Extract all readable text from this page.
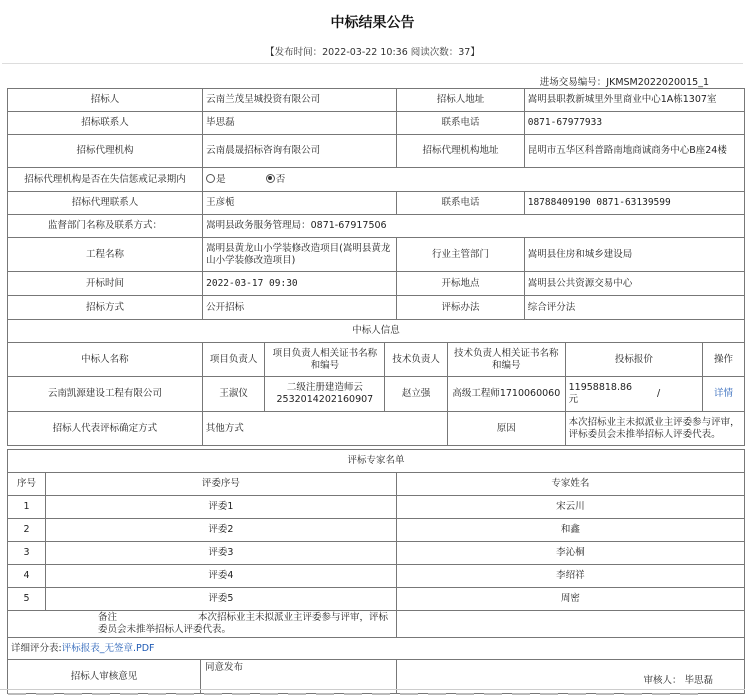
中标结果公告
【发布时间：2022-03-22 10:36 阅读次数：37】
进场交易编号：JKMSM2022020015_1
招标人	云南兰茂呈城投资有限公司	招标人地址	嵩明县职教新城里外里商业中心1A栋1307室
招标联系人	毕思磊	联系电话	0871-67977933
招标代理机构	云南晨晟招标咨询有限公司	招标代理机构地址	昆明市五华区科普路南地商诚商务中心B座24楼
招标代理机构是否在失信惩戒记录期内	是 否		
招标代理联系人	王彦栀	联系电话	18788409190 0871-63139599
监督部门名称及联系方式：	嵩明县政务服务管理局：0871-67917506		
工程名称	嵩明县黄龙山小学装修改造项目(嵩明县黄龙山小学装修改造项目)	行业主管部门	嵩明县住房和城乡建设局
开标时间	2022-03-17 09:30	开标地点	嵩明县公共资源交易中心
招标方式	公开招标	评标办法	综合评分法
中标人信息						
中标人名称	项目负责人	项目负责人相关证书名称和编号	技术负责人	技术负责人相关证书名称和编号	投标报价	操作
云南凯源建设工程有限公司	王淑仪	二级注册建造师云2532014202160907	赵立强	高级工程师1710060060	11958818.86元 /	详情
招标人代表评标确定方式	其他方式			原因	本次招标业主未拟派业主评委参与评审，评标委员会未推举招标人评委代表。	
评标专家名单		
序号	评委序号	专家姓名
1	评委1	宋云川
2	评委2	和鑫
3	评委3	李沁桐
4	评委4	李绍祥
5	评委5	周密
备注 本次招标业主未拟派业主评委参与评审，评标委员会未推举招标人评委代表。		
详细评分表:评标报表_无签章.PDF		

招标人审核意见
同意发布		审核人： 毕思磊
